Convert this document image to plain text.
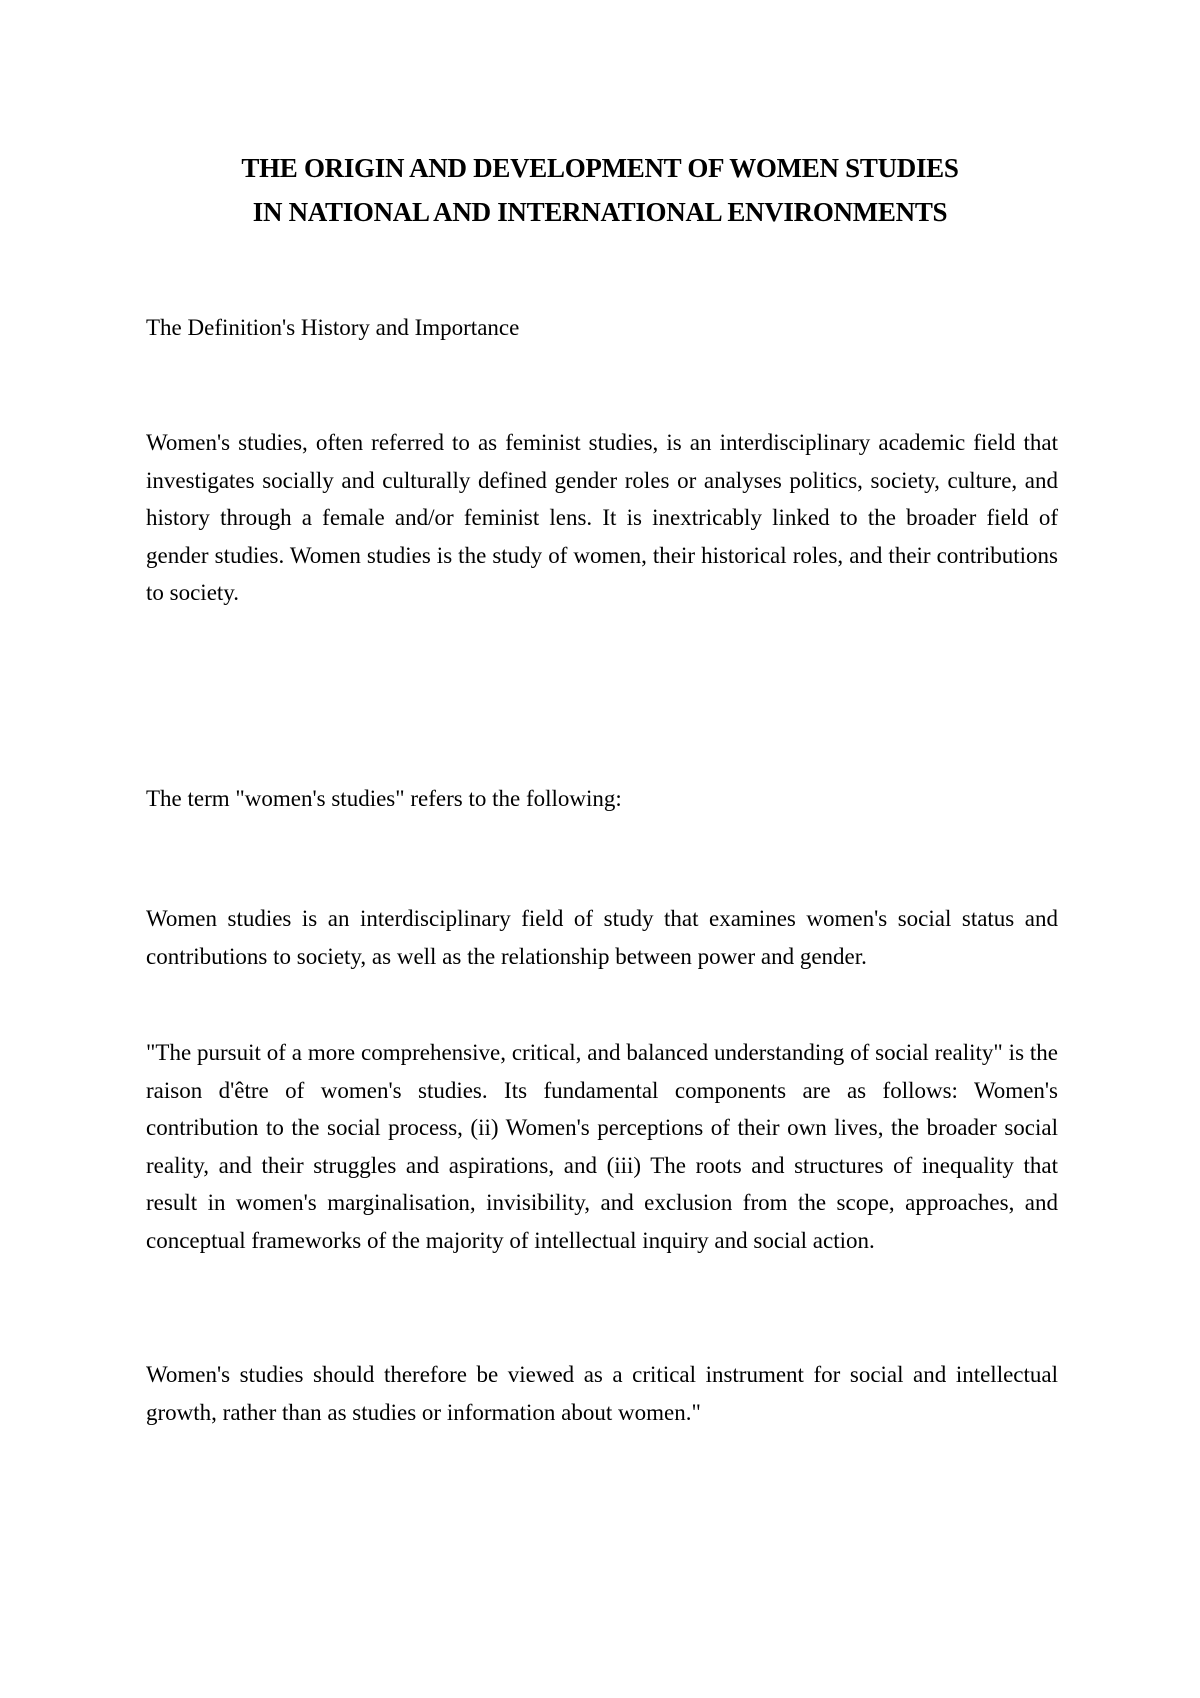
THE ORIGIN AND DEVELOPMENT OF WOMEN STUDIES
IN NATIONAL AND INTERNATIONAL ENVIRONMENTS
The Definition's History and Importance

Women's studies, often referred to as feminist studies, is an interdisciplinary academic field that investigates socially and culturally defined gender roles or analyses politics, society, culture, and history through a female and/or feminist lens. It is inextricably linked to the broader field of gender studies. Women studies is the study of women, their historical roles, and their contributions to society.

The term "women's studies" refers to the following:

Women studies is an interdisciplinary field of study that examines women's social status and contributions to society, as well as the relationship between power and gender.

"The pursuit of a more comprehensive, critical, and balanced understanding of social reality" is the raison d'être of women's studies. Its fundamental components are as follows: Women's contribution to the social process, (ii) Women's perceptions of their own lives, the broader social reality, and their struggles and aspirations, and (iii) The roots and structures of inequality that result in women's marginalisation, invisibility, and exclusion from the scope, approaches, and conceptual frameworks of the majority of intellectual inquiry and social action.

Women's studies should therefore be viewed as a critical instrument for social and intellectual growth, rather than as studies or information about women."
